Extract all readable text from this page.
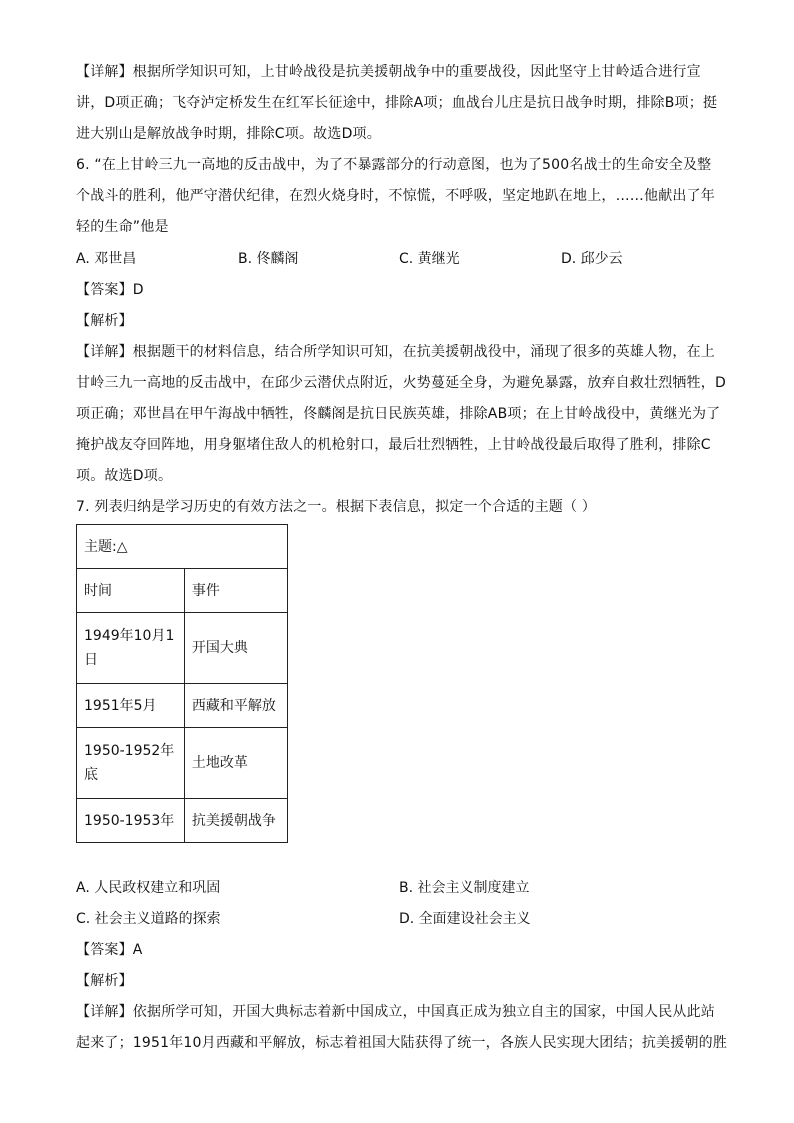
【详解】根据所学知识可知，上甘岭战役是抗美援朝战争中的重要战役，因此坚守上甘岭适合进行宣
讲，D项正确；飞夺泸定桥发生在红军长征途中，排除A项；血战台儿庄是抗日战争时期，排除B项；挺
进大别山是解放战争时期，排除C项。故选D项。
6. “在上甘岭三九一高地的反击战中，为了不暴露部分的行动意图，也为了500名战士的生命安全及整
个战斗的胜利，他严守潜伏纪律，在烈火烧身时，不惊慌，不呼吸，坚定地趴在地上，……他献出了年
轻的生命”他是
A. 邓世昌	B. 佟麟阁	C. 黄继光	D. 邱少云
【答案】D
【解析】
【详解】根据题干的材料信息，结合所学知识可知，在抗美援朝战役中，涌现了很多的英雄人物，在上
甘岭三九一高地的反击战中，在邱少云潜伏点附近，火势蔓延全身，为避免暴露，放弃自救壮烈牺牲，D
项正确；邓世昌在甲午海战中牺牲，佟麟阁是抗日民族英雄，排除AB项；在上甘岭战役中，黄继光为了
掩护战友夺回阵地，用身躯堵住敌人的机枪射口，最后壮烈牺牲，上甘岭战役最后取得了胜利，排除C
项。故选D项。
7. 列表归纳是学习历史的有效方法之一。根据下表信息，拟定一个合适的主题（ ）
主题:△	
时间	事件
1949年10月1日	开国大典
1951年5月	西藏和平解放
1950-1952年底	土地改革
1950-1953年	抗美援朝战争
A. 人民政权建立和巩固	B. 社会主义制度建立
C. 社会主义道路的探索	D. 全面建设社会主义
【答案】A
【解析】
【详解】依据所学可知，开国大典标志着新中国成立，中国真正成为独立自主的国家，中国人民从此站
起来了；1951年10月西藏和平解放，标志着祖国大陆获得了统一，各族人民实现大团结；抗美援朝的胜
